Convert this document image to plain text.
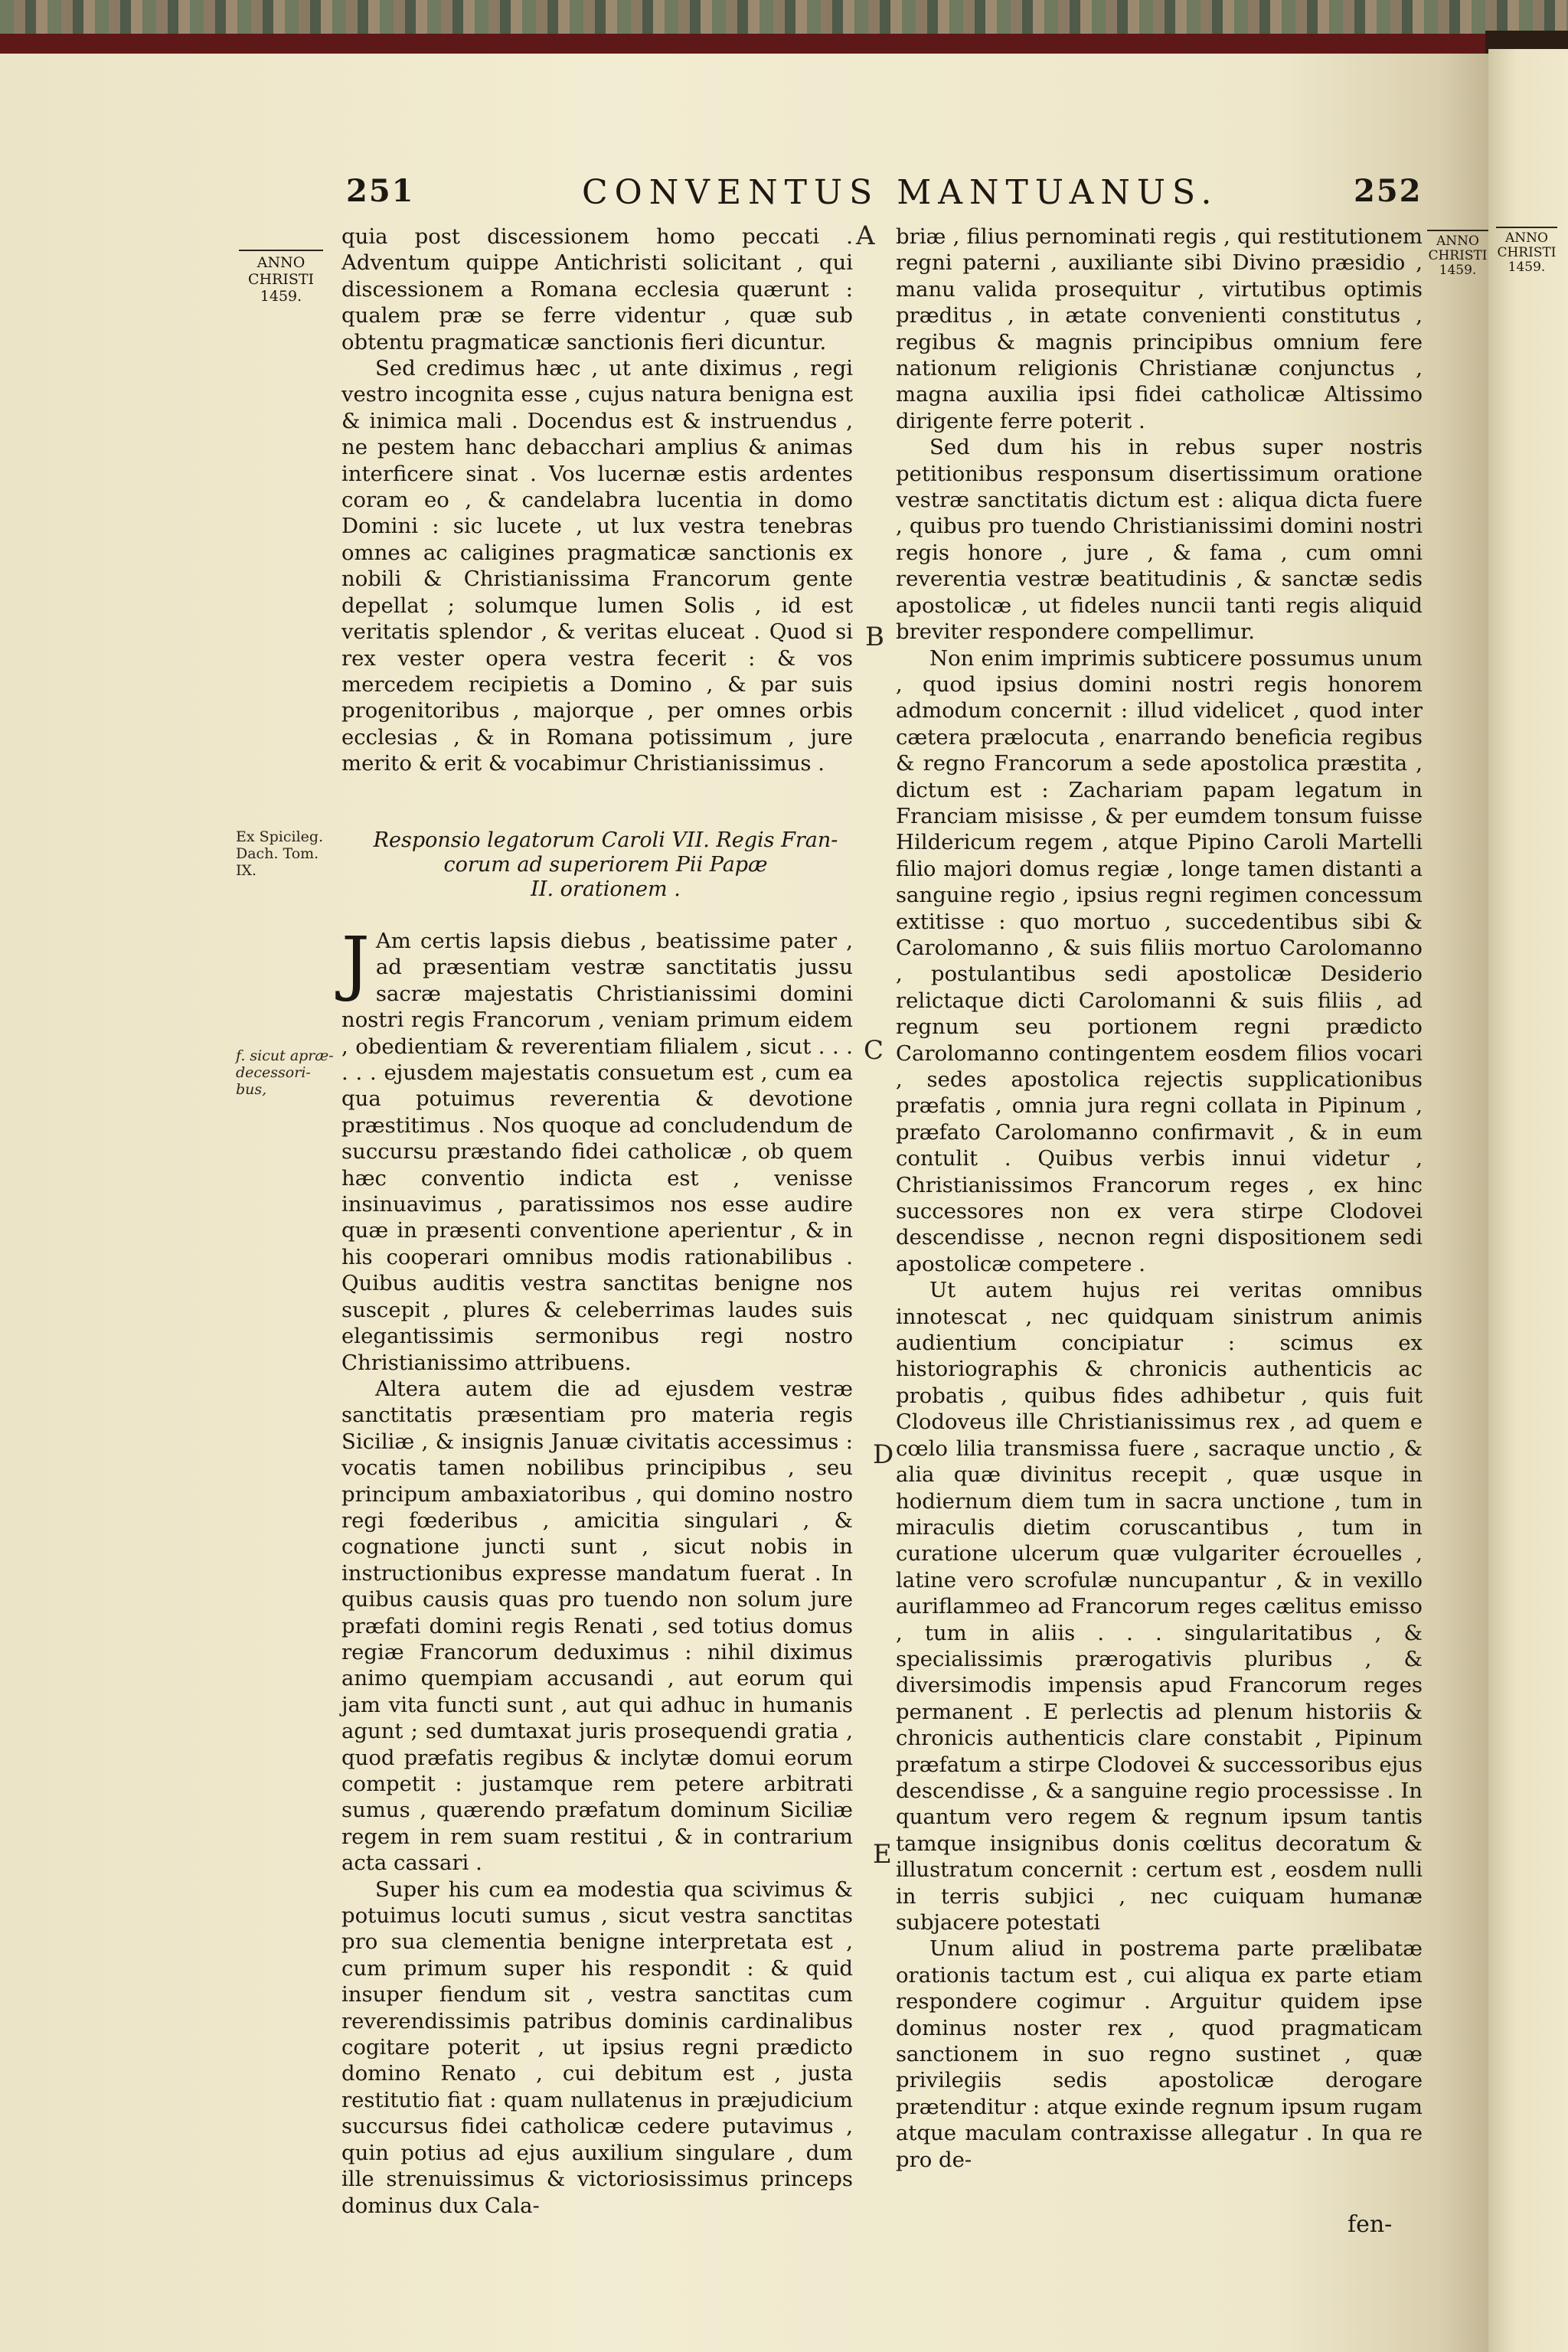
251	CONVENTUS MANTUANUS.	252
ANNO
CHRISTI
1459.
Ex Spicileg.
Dach. Tom.
IX.
f. sicut apræ-
decessori-
bus,
ANNO
CHRISTI
1459.
ANNO
CHRISTI
1459.
A
B
C
D
E

quia post discessionem homo peccati . Adventum quippe Antichristi solicitant , qui discessionem a Romana ecclesia quærunt : qualem præ se ferre videntur , quæ sub obtentu pragmaticæ sanctionis fieri dicuntur.

Sed credimus hæc , ut ante diximus , regi vestro incognita esse , cujus natura benigna est & inimica mali . Docendus est & instruendus , ne pestem hanc debacchari amplius & animas interficere sinat . Vos lucernæ estis ardentes coram eo , & candelabra lucentia in domo Domini : sic lucete , ut lux vestra tenebras omnes ac caligines pragmaticæ sanctionis ex nobili & Christianissima Francorum gente depellat ; solumque lumen Solis , id est veritatis splendor , & veritas eluceat . Quod si rex vester opera vestra fecerit : & vos mercedem recipietis a Domino , & par suis progenitoribus , majorque , per omnes orbis ecclesias , & in Romana potissimum , jure merito & erit & vocabimur Christianissimus .

Responsio legatorum Caroli VII. Regis Fran-
corum ad superiorem Pii Papæ
II. orationem .

J Am certis lapsis diebus , beatissime pater , ad præsentiam vestræ sanctitatis jussu sacræ majestatis Christianissimi domini nostri regis Francorum , veniam primum eidem , obedientiam & reverentiam filialem , sicut . . . . . . ejusdem majestatis consuetum est , cum ea qua potuimus reverentia & devotione præstitimus . Nos quoque ad concludendum de succursu præstando fidei catholicæ , ob quem hæc conventio indicta est , venisse insinuavimus , paratissimos nos esse audire quæ in præsenti conventione aperientur , & in his cooperari omnibus modis rationabilibus . Quibus auditis vestra sanctitas benigne nos suscepit , plures & celeberrimas laudes suis elegantissimis sermonibus regi nostro Christianissimo attribuens.

Altera autem die ad ejusdem vestræ sanctitatis præsentiam pro materia regis Siciliæ , & insignis Januæ civitatis accessimus : vocatis tamen nobilibus principibus , seu principum ambaxiatoribus , qui domino nostro regi fœderibus , amicitia singulari , & cognatione juncti sunt , sicut nobis in instructionibus expresse mandatum fuerat . In quibus causis quas pro tuendo non solum jure præfati domini regis Renati , sed totius domus regiæ Francorum deduximus : nihil diximus animo quempiam accusandi , aut eorum qui jam vita functi sunt , aut qui adhuc in humanis agunt ; sed dumtaxat juris prosequendi gratia , quod præfatis regibus & inclytæ domui eorum competit : justamque rem petere arbitrati sumus , quærendo præfatum dominum Siciliæ regem in rem suam restitui , & in contrarium acta cassari .

Super his cum ea modestia qua scivimus & potuimus locuti sumus , sicut vestra sanctitas pro sua clementia benigne interpretata est , cum primum super his respondit : & quid insuper fiendum sit , vestra sanctitas cum reverendissimis patribus dominis cardinalibus cogitare poterit , ut ipsius regni prædicto domino Renato , cui debitum est , justa restitutio fiat : quam nullatenus in præjudicium succursus fidei catholicæ cedere putavimus , quin potius ad ejus auxilium singulare , dum ille strenuissimus & victoriosissimus princeps dominus dux Cala-

briæ , filius pernominati regis , qui restitutionem regni paterni , auxiliante sibi Divino præsidio , manu valida prosequitur , virtutibus optimis præditus , in ætate convenienti constitutus , regibus & magnis principibus omnium fere nationum religionis Christianæ conjunctus , magna auxilia ipsi fidei catholicæ Altissimo dirigente ferre poterit .

Sed dum his in rebus super nostris petitionibus responsum disertissimum oratione vestræ sanctitatis dictum est : aliqua dicta fuere , quibus pro tuendo Christianissimi domini nostri regis honore , jure , & fama , cum omni reverentia vestræ beatitudinis , & sanctæ sedis apostolicæ , ut fideles nuncii tanti regis aliquid breviter respondere compellimur.

Non enim imprimis subticere possumus unum , quod ipsius domini nostri regis honorem admodum concernit : illud videlicet , quod inter cætera prælocuta , enarrando beneficia regibus & regno Francorum a sede apostolica præstita , dictum est : Zachariam papam legatum in Franciam misisse , & per eumdem tonsum fuisse Hildericum regem , atque Pipino Caroli Martelli filio majori domus regiæ , longe tamen distanti a sanguine regio , ipsius regni regimen concessum extitisse : quo mortuo , succedentibus sibi & Carolomanno , & suis filiis mortuo Carolomanno , postulantibus sedi apostolicæ Desiderio relictaque dicti Carolomanni & suis filiis , ad regnum seu portionem regni prædicto Carolomanno contingentem eosdem filios vocari , sedes apostolica rejectis supplicationibus præfatis , omnia jura regni collata in Pipinum , præfato Carolomanno confirmavit , & in eum contulit . Quibus verbis innui videtur , Christianissimos Francorum reges , ex hinc successores non ex vera stirpe Clodovei descendisse , necnon regni dispositionem sedi apostolicæ competere .

Ut autem hujus rei veritas omnibus innotescat , nec quidquam sinistrum animis audientium concipiatur : scimus ex historiographis & chronicis authenticis ac probatis , quibus fides adhibetur , quis fuit Clodoveus ille Christianissimus rex , ad quem e cœlo lilia transmissa fuere , sacraque unctio , & alia quæ divinitus recepit , quæ usque in hodiernum diem tum in sacra unctione , tum in miraculis dietim coruscantibus , tum in curatione ulcerum quæ vulgariter écrouelles , latine vero scrofulæ nuncupantur , & in vexillo auriflammeo ad Francorum reges cælitus emisso , tum in aliis . . . singularitatibus , & specialissimis prærogativis pluribus , & diversimodis impensis apud Francorum reges permanent . E perlectis ad plenum historiis & chronicis authenticis clare constabit , Pipinum præfatum a stirpe Clodovei & successoribus ejus descendisse , & a sanguine regio processisse . In quantum vero regem & regnum ipsum tantis tamque insignibus donis cœlitus decoratum & illustratum concernit : certum est , eosdem nulli in terris subjici , nec cuiquam humanæ subjacere potestati

Unum aliud in postrema parte prælibatæ orationis tactum est , cui aliqua ex parte etiam respondere cogimur . Arguitur quidem ipse dominus noster rex , quod pragmaticam sanctionem in suo regno sustinet , quæ privilegiis sedis apostolicæ derogare prætenditur : atque exinde regnum ipsum rugam atque maculam contraxisse allegatur . In qua re pro de-

fen-
